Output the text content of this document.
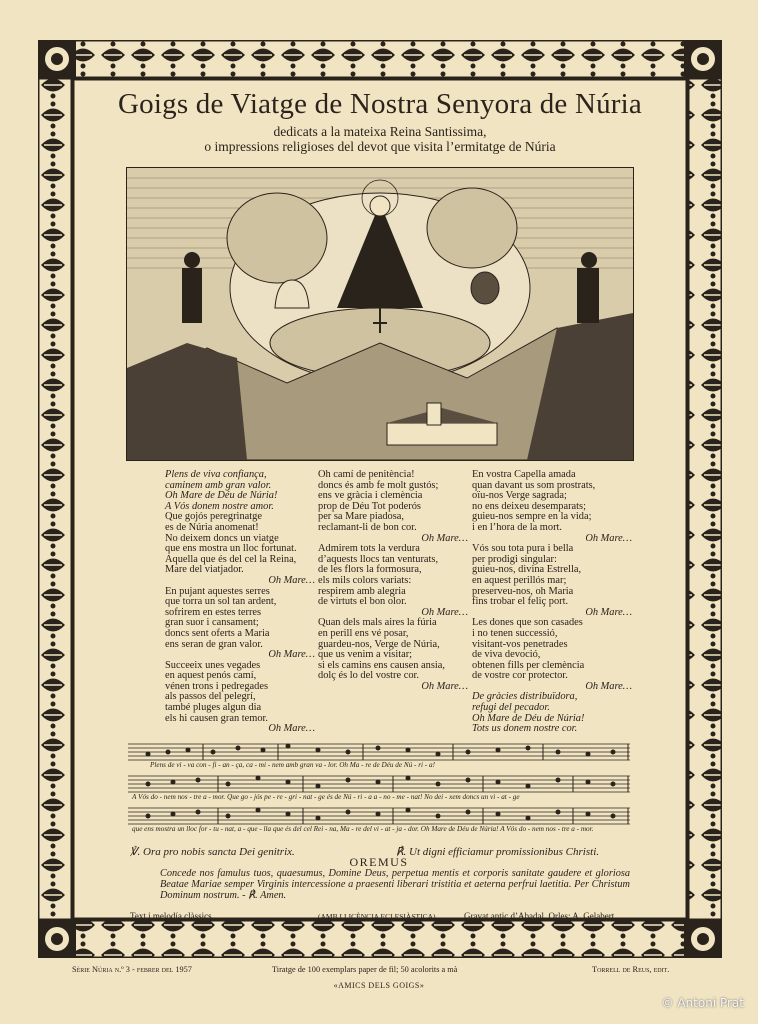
Goigs de Viatge de Nostra Senyora de Núria
dedicats a la mateixa Reina Santissima,
o impressions religioses del devot que visita l’ermitatge de Núria
Plens de viva confiança,
caminem amb gran valor.
Oh Mare de Déu de Núria!
A Vós donem nostre amor.
Que gojós peregrinatge
es de Núria anomenat!
No deixem doncs un viatge
que ens mostra un lloc fortunat.
Aquella que és del cel la Reina,
Mare del viatjador.
Oh Mare…
En pujant aquestes serres
que torra un sol tan ardent,
sofrirem en estes terres
gran suor i cansament;
doncs sent oferts a Maria
ens seran de gran valor.
Oh Mare…
Succeeix unes vegades
en aquest penós camí,
vénen trons i pedregades
als passos del pelegrí,
també pluges algun dia
els hi causen gran temor.
Oh Mare…
Oh camí de penitència!
doncs és amb fe molt gustós;
ens ve gràcia i clemència
prop de Déu Tot poderós
per sa Mare piadosa,
reclamant-li de bon cor.
Oh Mare…
Admirem tots la verdura
d’aquests llocs tan venturats,
de les flors la formosura,
els mils colors variats:
respirem amb alegria
de virtuts el bon olor.
Oh Mare…
Quan dels mals aires la fúria
en perill ens vé posar,
guardeu-nos, Verge de Núria,
que us venim a visitar;
si els camins ens causen ansia,
dolç és lo del vostre cor.
Oh Mare…
En vostra Capella amada
quan davant us som prostrats,
oïu-nos Verge sagrada;
no ens deixeu desemparats;
guieu-nos sempre en la vida;
i en l’hora de la mort.
Oh Mare…
Vós sou tota pura i bella
per prodigi singular:
guieu-nos, divina Estrella,
en aquest perillós mar;
preserveu-nos, oh Maria
fins trobar el feliç port.
Oh Mare…
Les dones que son casades
i no tenen successió,
visitant-vos penetrades
de viva devoció,
obtenen fills per clemència
de vostre cor protector.
Oh Mare…
De gràcies distribuïdora,
refugi del pecador.
Oh Mare de Déu de Núria!
Tots us donem nostre cor.
Plens de vi - va con - fi - an - ça, ca - mi - nem amb gran va - lor. Oh Ma - re de Déu de Nú - ri - a!
A Vós do - nem nos - tre a - mor. Que go - jós pe - re - gri - nat - ge és de Nú - ri - a a - no - me - nat! No dei - xem doncs un vi - at - ge
que ens mostra un lloc for - tu - nat, a - que - lla que és del cel Rei - na, Ma - re del vi - at - ja - dor. Oh Mare de Déu de Núria! A Vós do - nem nos - tre a - mor.
℣. Ora pro nobis sancta Dei genitrix.	℟. Ut digni efficiamur promissionibus Christi.
OREMUS
Concede nos famulus tuos, quaesumus, Domine Deus, perpetua mentis et corporis sanitate gaudere et gloriosa Beatae Mariae semper Virginis intercessione a praesenti liberari tristitia et aeterna perfrui laetitia. Per Christum Dominum nostrum. - ℟. Amen.
Text i melodía clàssics	(AMB LLICÈNCIA ECLESIÀSTICA)	Gravat antic d’Abadal. Orles: A. Gelabert
Sèrie Núria n.º 3 - febrer del 1957	Tiratge de 100 exemplars paper de fil; 50 acolorits a mà	Torrell de Reus, edit.
«AMICS DELS GOIGS»
© Antoni Prat
